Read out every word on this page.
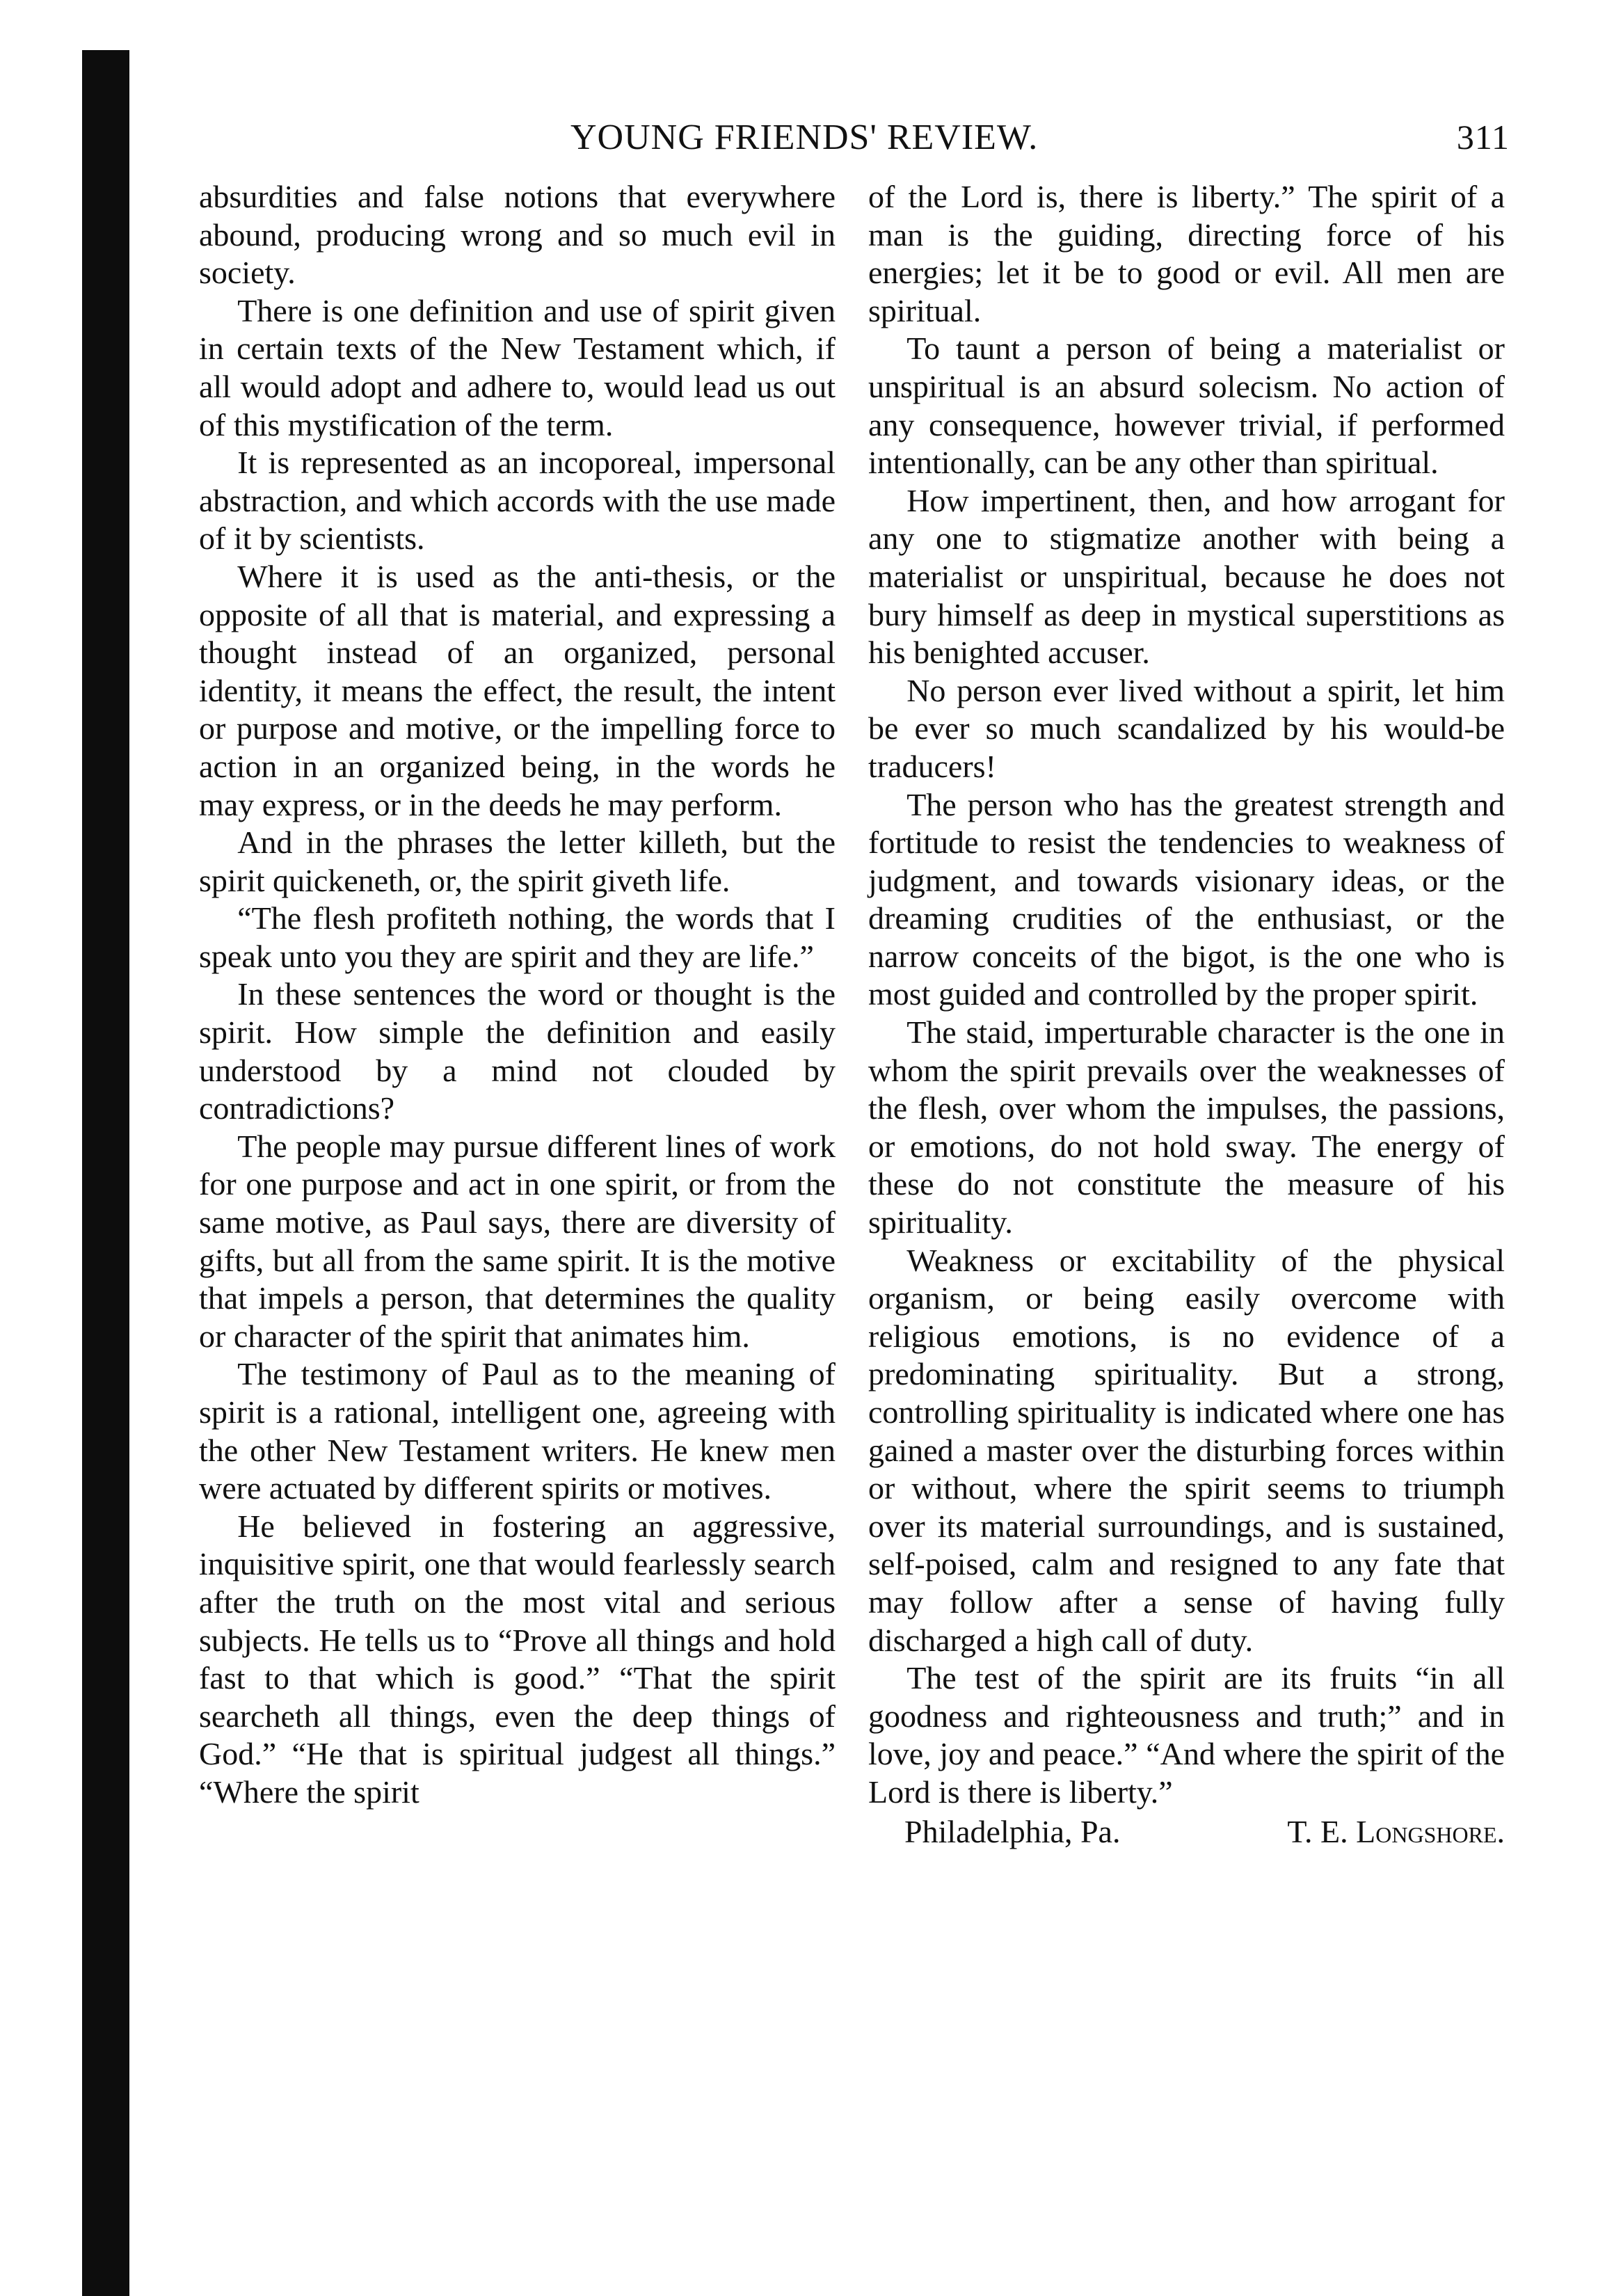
YOUNG FRIENDS' REVIEW.	311

absurdities and false notions that everywhere abound, producing wrong and so much evil in society.

There is one definition and use of spirit given in certain texts of the New Testament which, if all would adopt and adhere to, would lead us out of this mystification of the term.

It is represented as an incoporeal, impersonal abstraction, and which accords with the use made of it by scientists.

Where it is used as the anti-thesis, or the opposite of all that is material, and expressing a thought instead of an organized, personal identity, it means the effect, the result, the intent or purpose and motive, or the impelling force to action in an organized being, in the words he may express, or in the deeds he may perform.

And in the phrases the letter killeth, but the spirit quickeneth, or, the spirit giveth life.

“The flesh profiteth nothing, the words that I speak unto you they are spirit and they are life.”

In these sentences the word or thought is the spirit. How simple the definition and easily understood by a mind not clouded by contradictions?

The people may pursue different lines of work for one purpose and act in one spirit, or from the same motive, as Paul says, there are diversity of gifts, but all from the same spirit. It is the motive that impels a person, that determines the quality or character of the spirit that animates him.

The testimony of Paul as to the meaning of spirit is a rational, intelligent one, agreeing with the other New Testament writers. He knew men were actuated by different spirits or motives.

He believed in fostering an aggressive, inquisitive spirit, one that would fearlessly search after the truth on the most vital and serious subjects. He tells us to “Prove all things and hold fast to that which is good.” “That the spirit searcheth all things, even the deep things of God.” “He that is spiritual judgest all things.” “Where the spirit

of the Lord is, there is liberty.” The spirit of a man is the guiding, directing force of his energies; let it be to good or evil. All men are spiritual.

To taunt a person of being a materialist or unspiritual is an absurd solecism. No action of any consequence, however trivial, if performed intentionally, can be any other than spiritual.

How impertinent, then, and how arrogant for any one to stigmatize another with being a materialist or unspiritual, because he does not bury himself as deep in mystical superstitions as his benighted accuser.

No person ever lived without a spirit, let him be ever so much scandalized by his would-be traducers!

The person who has the greatest strength and fortitude to resist the tendencies to weakness of judgment, and towards visionary ideas, or the dreaming crudities of the enthusiast, or the narrow conceits of the bigot, is the one who is most guided and controlled by the proper spirit.

The staid, imperturable character is the one in whom the spirit prevails over the weaknesses of the flesh, over whom the impulses, the passions, or emotions, do not hold sway. The energy of these do not constitute the measure of his spirituality.

Weakness or excitability of the physical organism, or being easily overcome with religious emotions, is no evidence of a predominating spirituality. But a strong, controlling spirituality is indicated where one has gained a master over the disturbing forces within or without, where the spirit seems to triumph over its material surroundings, and is sustained, self-poised, calm and resigned to any fate that may follow after a sense of having fully discharged a high call of duty.

The test of the spirit are its fruits “in all goodness and righteousness and truth;” and in love, joy and peace.” “And where the spirit of the Lord is there is liberty.”

Philadelphia, Pa.	T. E. Longshore.
